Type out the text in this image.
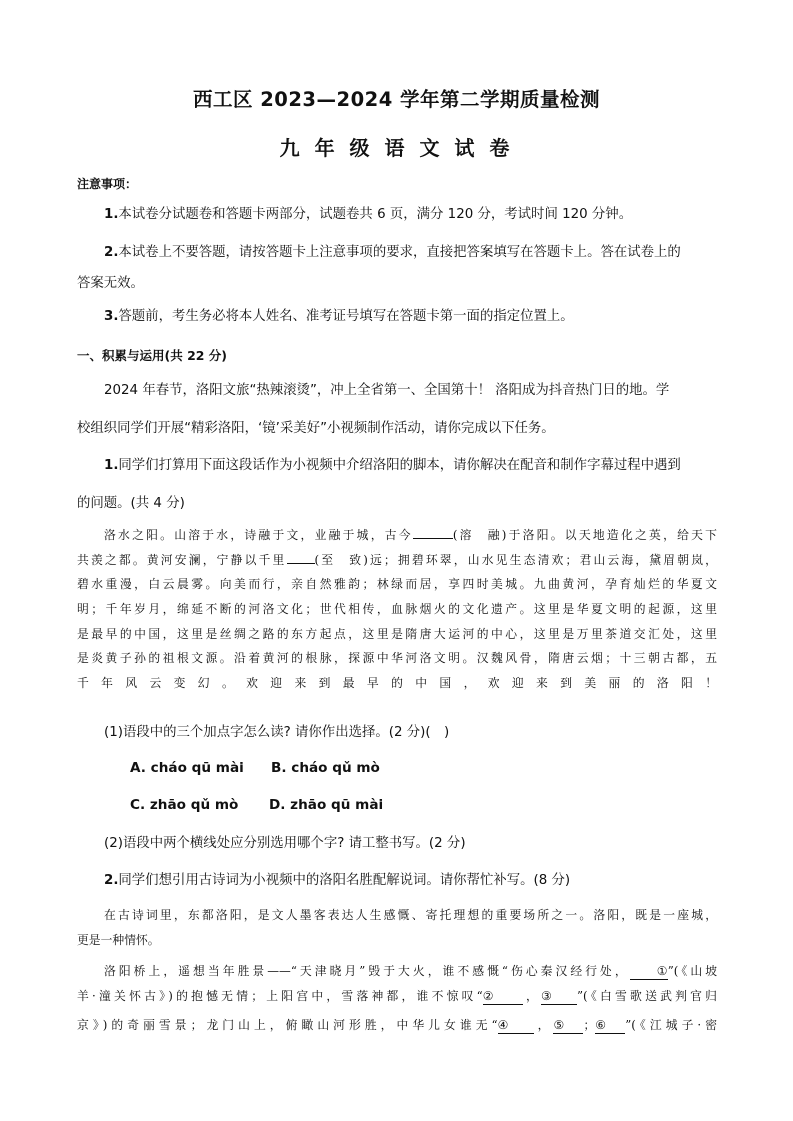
西工区 2023—2024 学年第二学期质量检测
九 年 级 语 文 试 卷
注意事项：
1.本试卷分试题卷和答题卡两部分，试题卷共 6 页，满分 120 分，考试时间 120 分钟。
2.本试卷上不要答题，请按答题卡上注意事项的要求，直接把答案填写在答题卡上。答在试卷上的
答案无效。
3.答题前，考生务必将本人姓名、准考证号填写在答题卡第一面的指定位置上。
一、积累与运用(共 22 分)
2024 年春节，洛阳文旅“热辣滚烫”，冲上全省第一、全国第十！ 洛阳成为抖音热门日的地。学
校组织同学们开展“精彩洛阳，‘镜’采美好”小视频制作活动，请你完成以下任务。
1.同学们打算用下面这段话作为小视频中介绍洛阳的脚本，请你解决在配音和制作字幕过程中遇到
的问题。(共 4 分)
洛水之阳。山溶于水，诗融于文，业融于城，古今	(溶　融)于洛阳。以天地造化之英，给天下
共羡之都。黄河安澜，宁静以千里 (至　致)远；拥碧环翠，山水见生态清欢；君山云海，黛眉朝岚，
碧水重漫，白云晨雾。向美而行，亲自然雅韵；林绿而居，享四时美城。九曲黄河，孕育灿烂的华夏文
明；千年岁月，绵延不断的河洛文化；世代相传，血脉烟火的文化遗产。这里是华夏文明的起源，这里
是最早的中国，这里是丝绸之路的东方起点，这里是隋唐大运河的中心，这里是万里茶道交汇处，这里
是炎黄子孙的祖根文源。沿着黄河的根脉，探源中华河洛文明。汉魏风骨，隋唐云烟；十三朝古都，五
千年风云变幻。欢迎来到最早的中国，欢迎来到美丽的洛阳！
(1)语段中的三个加点字怎么读? 请你作出选择。(2 分)(　)
A. cháo qū mài B. cháo qǔ mò
C. zhāo qǔ mò D. zhāo qū mài
(2)语段中两个横线处应分别选用哪个字? 请工整书写。(2 分)
2.同学们想引用古诗词为小视频中的洛阳名胜配解说词。请你帮忙补写。(8 分)
在古诗词里，东都洛阳，是文人墨客表达人生感慨、寄托理想的重要场所之一。洛阳，既是一座城，
更是一种情怀。
洛阳桥上，遥想当年胜景——“天津晓月”毁于大火，谁不感慨“伤心秦汉经行处， ①”(《山坡
羊·潼关怀古》)的抱憾无情；上阳宫中，雪落神都，谁不惊叹“② ，③ ”(《白雪歌送武判官归
京》)的奇丽雪景；龙门山上，俯瞰山河形胜，中华儿女谁无“④ ，⑤ ；⑥ ”(《江城子·密
